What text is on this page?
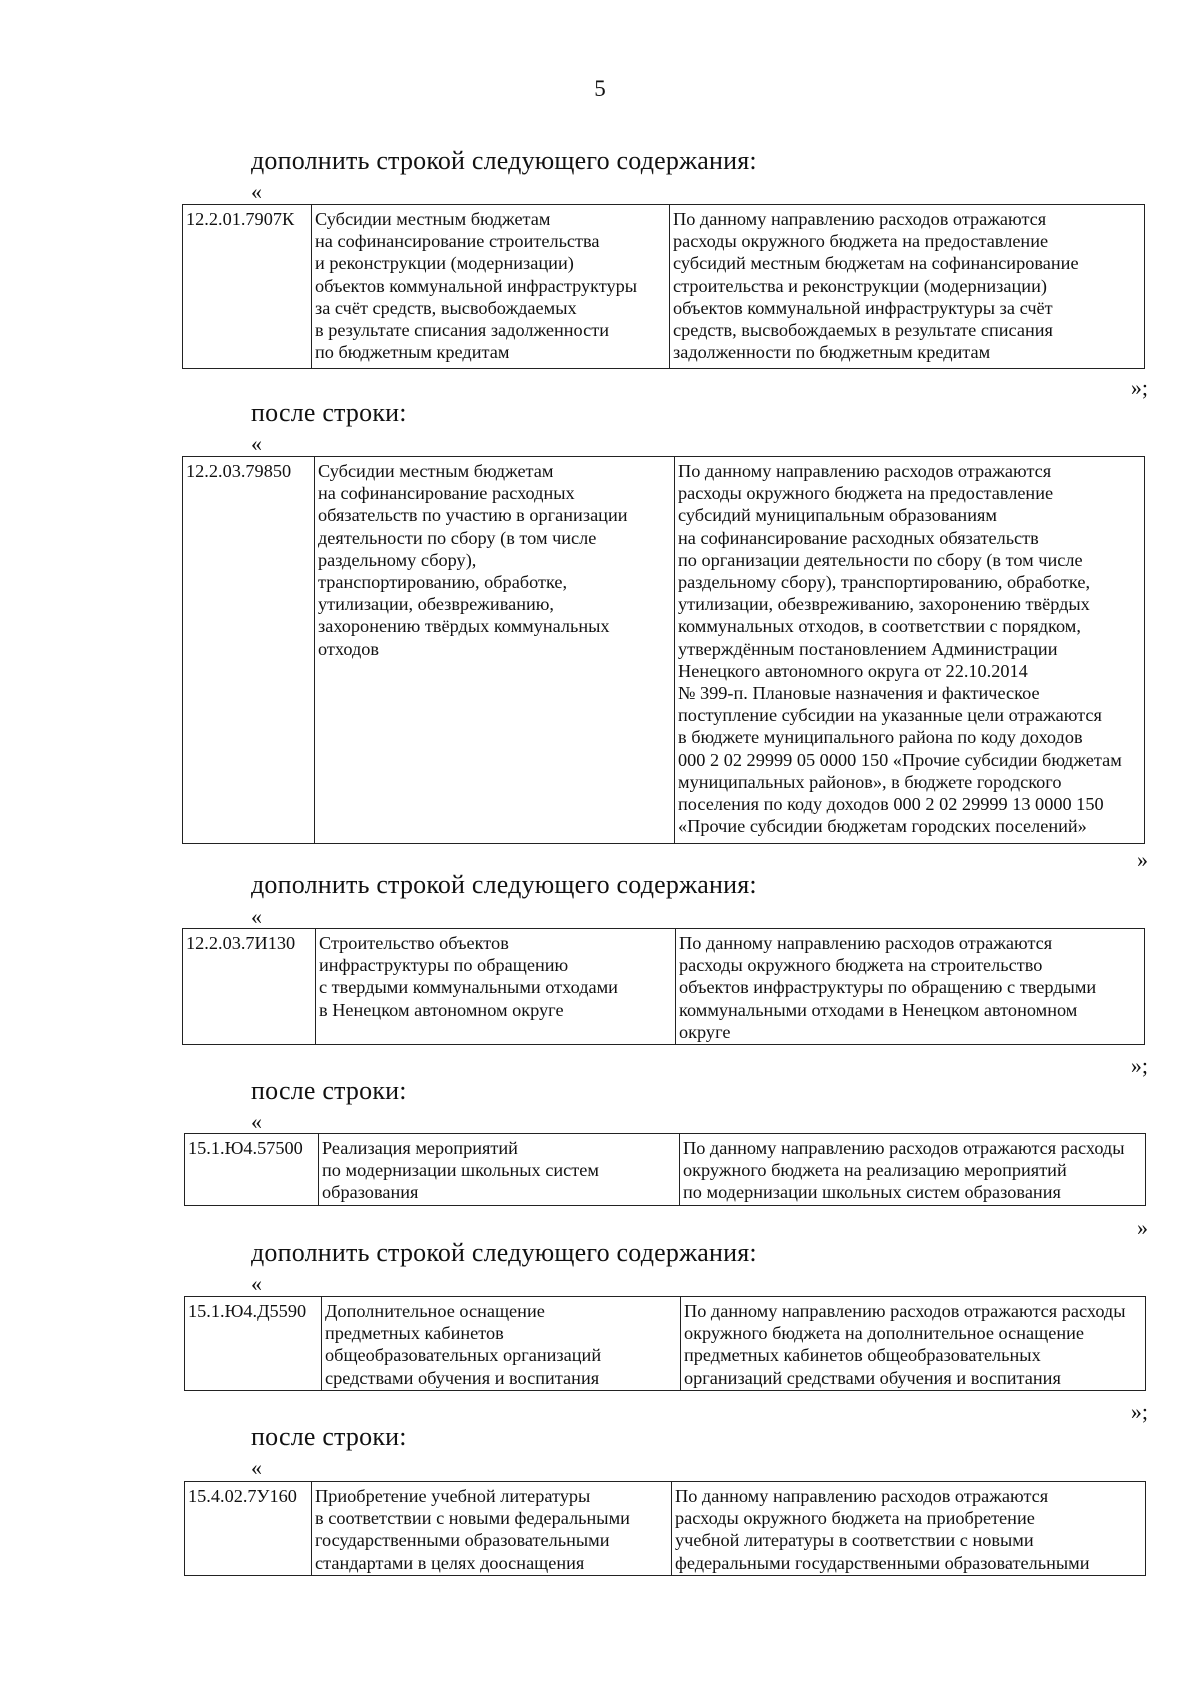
5
дополнить строкой следующего содержания:
«
12.2.01.7907К	Субсидии местным бюджетам
на софинансирование строительства
и реконструкции (модернизации)
объектов коммунальной инфраструктуры
за счёт средств, высвобождаемых
в результате списания задолженности
по бюджетным кредитам	По данному направлению расходов отражаются
расходы окружного бюджета на предоставление
субсидий местным бюджетам на софинансирование
строительства и реконструкции (модернизации)
объектов коммунальной инфраструктуры за счёт
средств, высвобождаемых в результате списания
задолженности по бюджетным кредитам
»;
после строки:
«
12.2.03.79850	Субсидии местным бюджетам
на софинансирование расходных
обязательств по участию в организации
деятельности по сбору (в том числе
раздельному сбору),
транспортированию, обработке,
утилизации, обезвреживанию,
захоронению твёрдых коммунальных
отходов	По данному направлению расходов отражаются
расходы окружного бюджета на предоставление
субсидий муниципальным образованиям
на софинансирование расходных обязательств
по организации деятельности по сбору (в том числе
раздельному сбору), транспортированию, обработке,
утилизации, обезвреживанию, захоронению твёрдых
коммунальных отходов, в соответствии с порядком,
утверждённым постановлением Администрации
Ненецкого автономного округа от 22.10.2014
№ 399-п. Плановые назначения и фактическое
поступление субсидии на указанные цели отражаются
в бюджете муниципального района по коду доходов
000 2 02 29999 05 0000 150 «Прочие субсидии бюджетам
муниципальных районов», в бюджете городского
поселения по коду доходов 000 2 02 29999 13 0000 150
«Прочие субсидии бюджетам городских поселений»
»
дополнить строкой следующего содержания:
«
12.2.03.7И130	Строительство объектов
инфраструктуры по обращению
с твердыми коммунальными отходами
в Ненецком автономном округе	По данному направлению расходов отражаются
расходы окружного бюджета на строительство
объектов инфраструктуры по обращению с твердыми
коммунальными отходами в Ненецком автономном
округе
»;
после строки:
«
15.1.Ю4.57500	Реализация мероприятий
по модернизации школьных систем
образования	По данному направлению расходов отражаются расходы
окружного бюджета на реализацию мероприятий
по модернизации школьных систем образования
»
дополнить строкой следующего содержания:
«
15.1.Ю4.Д5590	Дополнительное оснащение
предметных кабинетов
общеобразовательных организаций
средствами обучения и воспитания	По данному направлению расходов отражаются расходы
окружного бюджета на дополнительное оснащение
предметных кабинетов общеобразовательных
организаций средствами обучения и воспитания
»;
после строки:
«
15.4.02.7У160	Приобретение учебной литературы
в соответствии с новыми федеральными
государственными образовательными
стандартами в целях дооснащения	По данному направлению расходов отражаются
расходы окружного бюджета на приобретение
учебной литературы в соответствии с новыми
федеральными государственными образовательными
